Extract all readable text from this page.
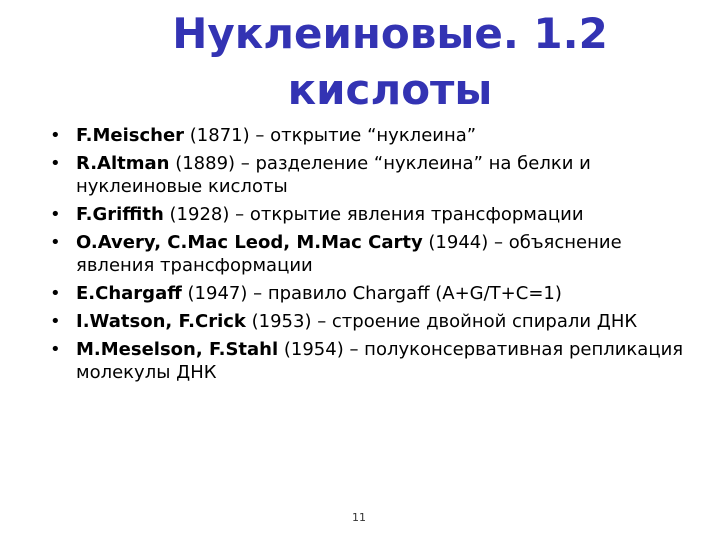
Нуклеиновые. 1.2
кислоты
• F.Meischer (1871) – открытие “нуклеина”
• R.Altman (1889) – разделение “нуклеина” на белки и нуклеиновые кислоты
• F.Griffith (1928) – открытие явления трансформации
• O.Avery, C.Mac Leod, M.Mac Carty (1944) – объяснение явления трансформации
• E.Chargaff (1947) – правило Chargaff (A+G/T+C=1)
• I.Watson, F.Crick (1953) – строение двойной спирали ДНК
• M.Meselson, F.Stahl (1954) – полуконсервативная репликация молекулы ДНК
11
